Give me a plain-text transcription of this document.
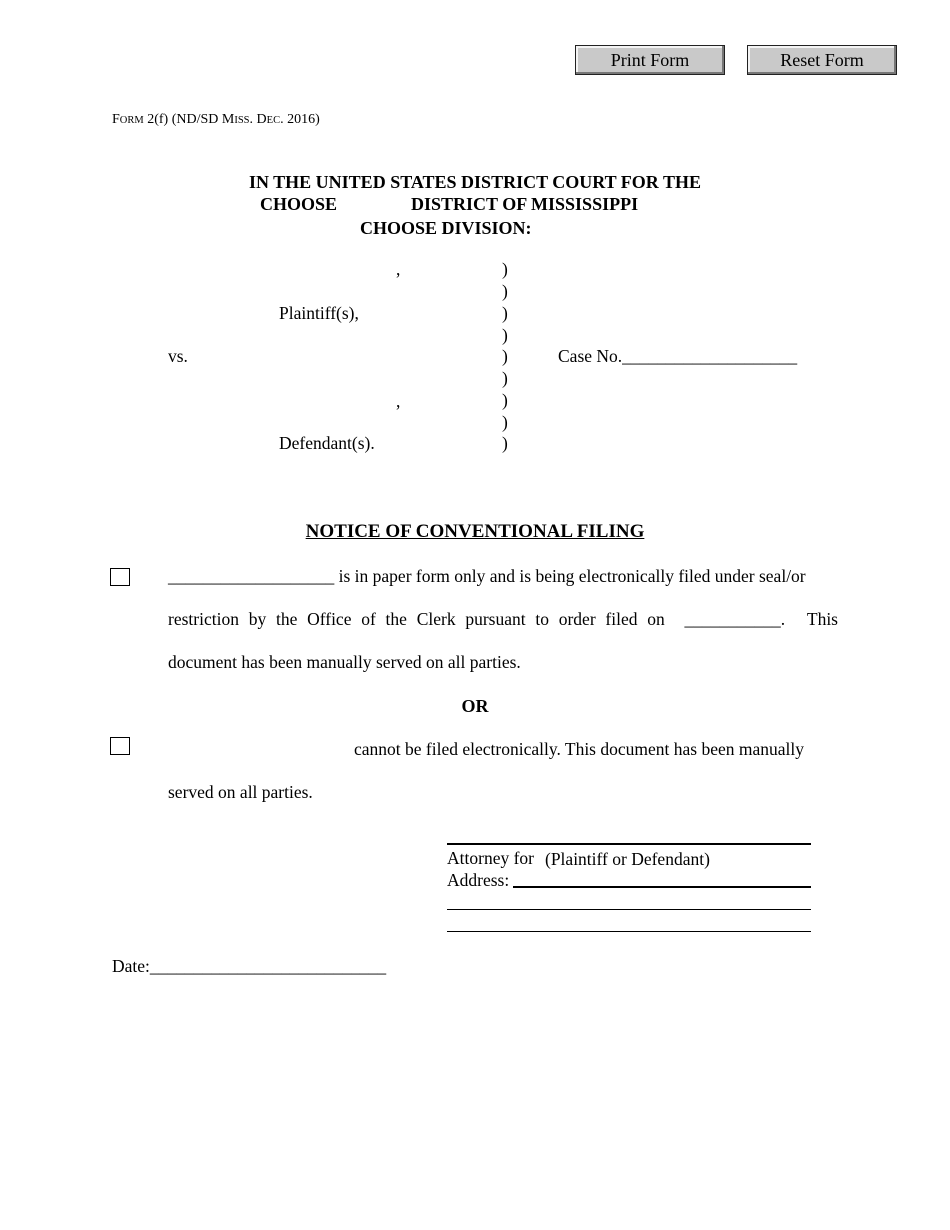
Print Form	Reset Form
FORM 2(f) (ND/SD MISS. DEC. 2016)
IN THE UNITED STATES DISTRICT COURT FOR THE
CHOOSE	DISTRICT OF MISSISSIPPI
CHOOSE DIVISION:
,
Plaintiff(s),
vs.
,
Defendant(s).
)
)
)
)
)
)
)
)
)
Case No.____________________
NOTICE OF CONVENTIONAL FILING
___________________ is in paper form only and is being electronically filed under seal/or
restriction by the Office of the Clerk pursuant to order filed on ___________. This
document has been manually served on all parties.
OR
cannot be filed electronically. This document has been manually
served on all parties.
Attorney for (Plaintiff or Defendant)
Address:
Date:___________________________
